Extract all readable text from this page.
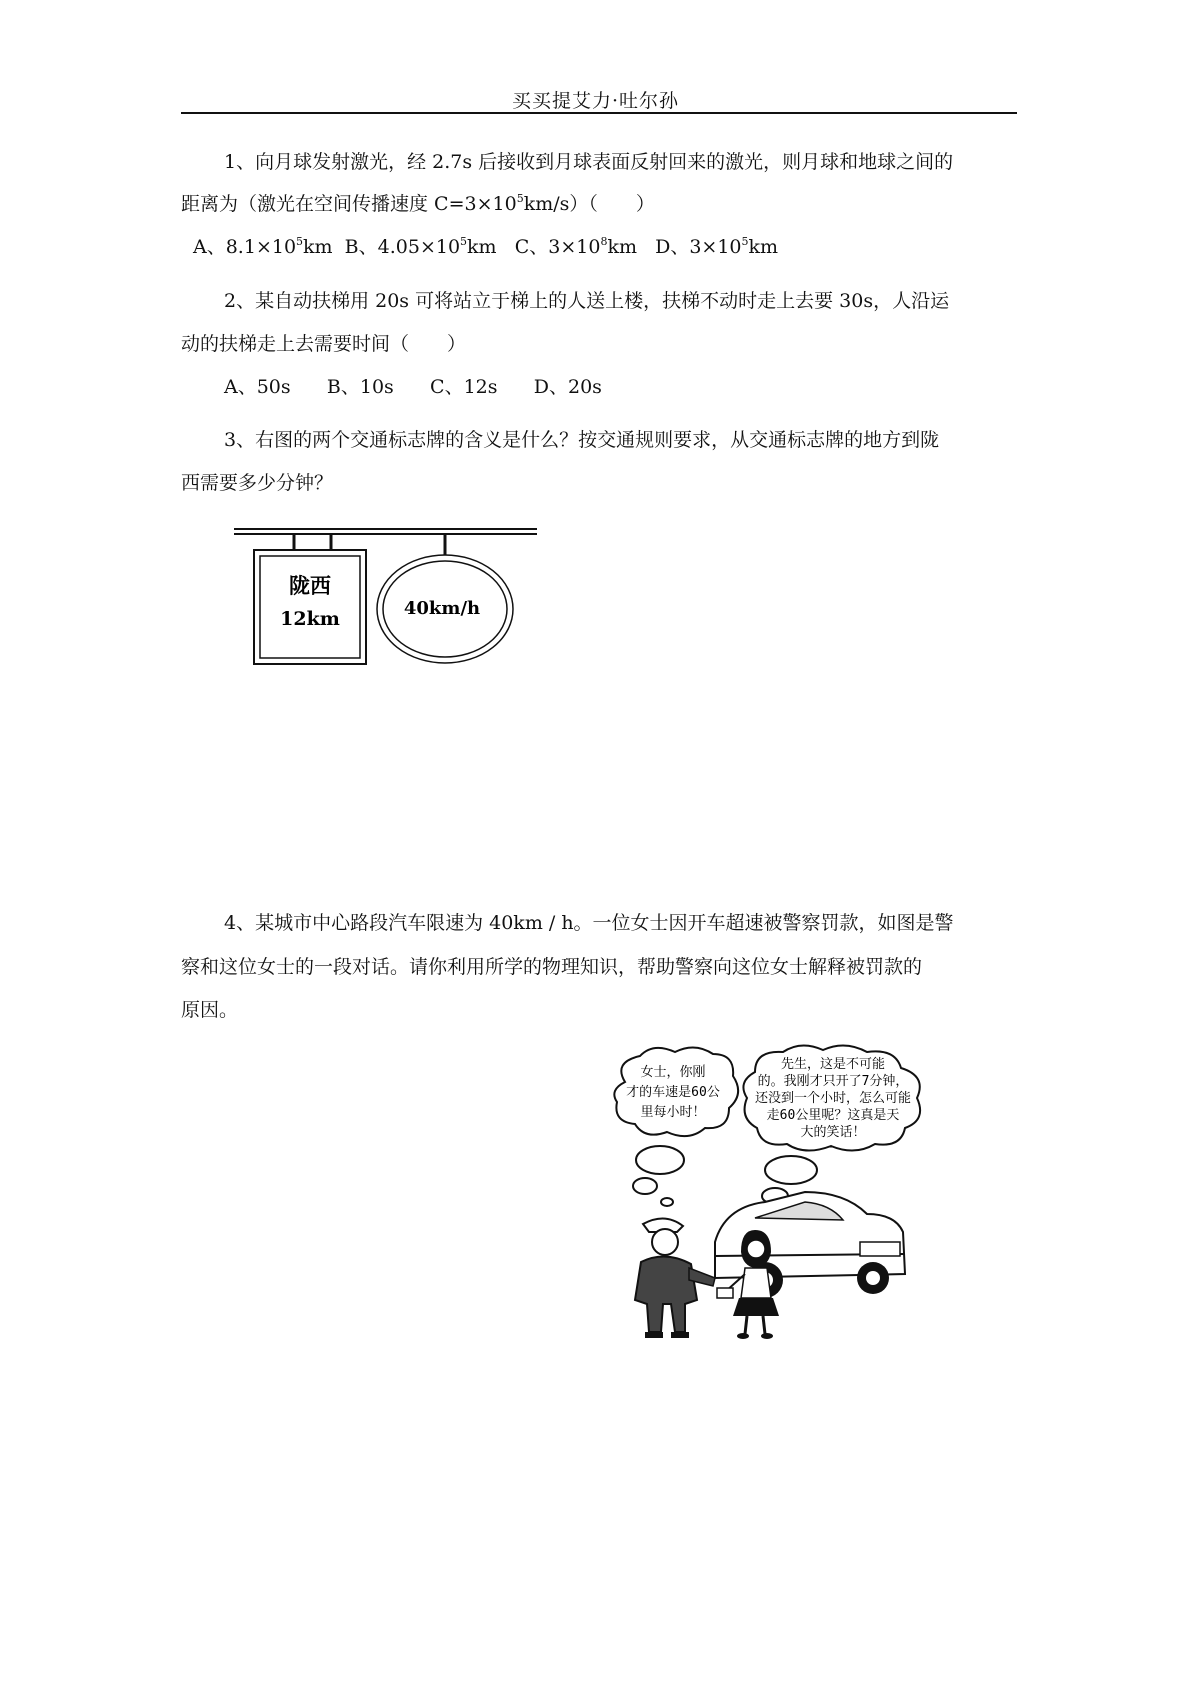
买买提艾力·吐尔孙
1、向月球发射激光，经 2.7s 后接收到月球表面反射回来的激光，则月球和地球之间的
距离为（激光在空间传播速度 $C=3\times 10^5km/s$）（　　）
A、$8.1\times 10^5km$ B、$4.05\times 10^5km$ C、$3\times 10^8km$ D、$3\times 10^5km$
2、某自动扶梯用 20s 可将站立于梯上的人送上楼，扶梯不动时走上去要 30s，人沿运
动的扶梯走上去需要时间（　　）
A、50s B、10s C、12s D、20s
3、右图的两个交通标志牌的含义是什么？按交通规则要求，从交通标志牌的地方到陇
西需要多少分钟？
陇西
12km	40km/h
4、某城市中心路段汽车限速为 40km / h。一位女士因开车超速被警察罚款，如图是警
察和这位女士的一段对话。请你利用所学的物理知识，帮助警察向这位女士解释被罚款的
原因。
女士，你刚
才的车速是60公
里每小时！
先生，这是不可能
的。我刚才只开了7分钟，
还没到一个小时，怎么可能
走60公里呢？这真是天
大的笑话！
